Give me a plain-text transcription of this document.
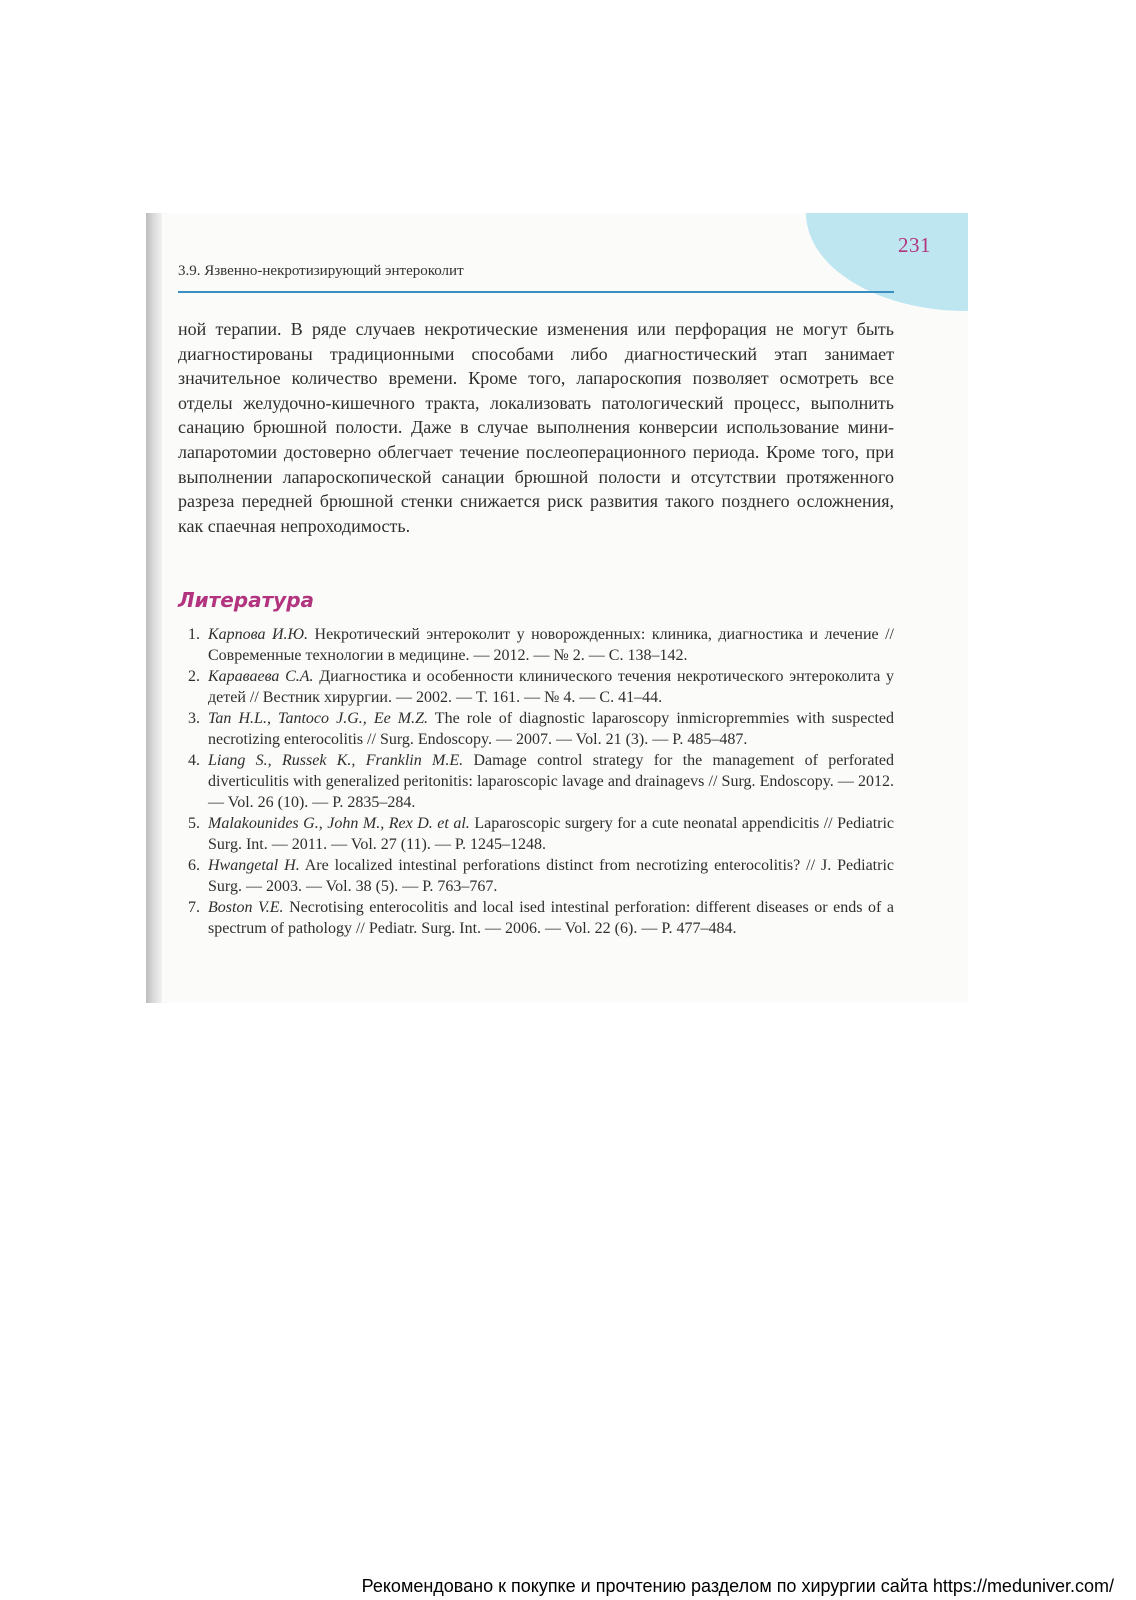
231
3.9. Язвенно-некротизирующий энтероколит

ной терапии. В ряде случаев некротические изменения или перфорация не могут быть диагностированы традиционными способами либо диагностический этап занимает значительное количество времени. Кроме того, лапароскопия позволяет осмотреть все отделы желудочно-кишечного тракта, локализовать патологический процесс, выполнить санацию брюшной полости. Даже в случае выполнения конверсии использование мини-лапаротомии достоверно облегчает течение послеоперационного периода. Кроме того, при выполнении лапароскопической санации брюшной полости и отсутствии протяженного разреза передней брюшной стенки снижается риск развития такого позднего осложнения, как спаечная непроходимость.

Литература
1. Карпова И.Ю. Некротический энтероколит у новорожденных: клиника, диагностика и лечение // Современные технологии в медицине. — 2012. — № 2. — С. 138–142.
2. Караваева С.А. Диагностика и особенности клинического течения некротического энтероколита у детей // Вестник хирургии. — 2002. — Т. 161. — № 4. — С. 41–44.
3. Tan H.L., Tantoco J.G., Ee M.Z. The role of diagnostic laparoscopy inmicropremmies with suspected necrotizing enterocolitis // Surg. Endoscopy. — 2007. — Vol. 21 (3). — P. 485–487.
4. Liang S., Russek K., Franklin M.E. Damage control strategy for the management of perforated diverticulitis with generalized peritonitis: laparoscopic lavage and drainagevs // Surg. Endoscopy. — 2012. — Vol. 26 (10). — P. 2835–284.
5. Malakounides G., John M., Rex D. et al. Laparoscopic surgery for a cute neonatal appendicitis // Pediatric Surg. Int. — 2011. — Vol. 27 (11). — P. 1245–1248.
6. Hwangetal H. Are localized intestinal perforations distinct from necrotizing enterocolitis? // J. Pediatric Surg. — 2003. — Vol. 38 (5). — P. 763–767.
7. Boston V.E. Necrotising enterocolitis and local ised intestinal perforation: different diseases or ends of a spectrum of pathology // Pediatr. Surg. Int. — 2006. — Vol. 22 (6). — P. 477–484.
Рекомендовано к покупке и прочтению разделом по хирургии сайта https://meduniver.com/
